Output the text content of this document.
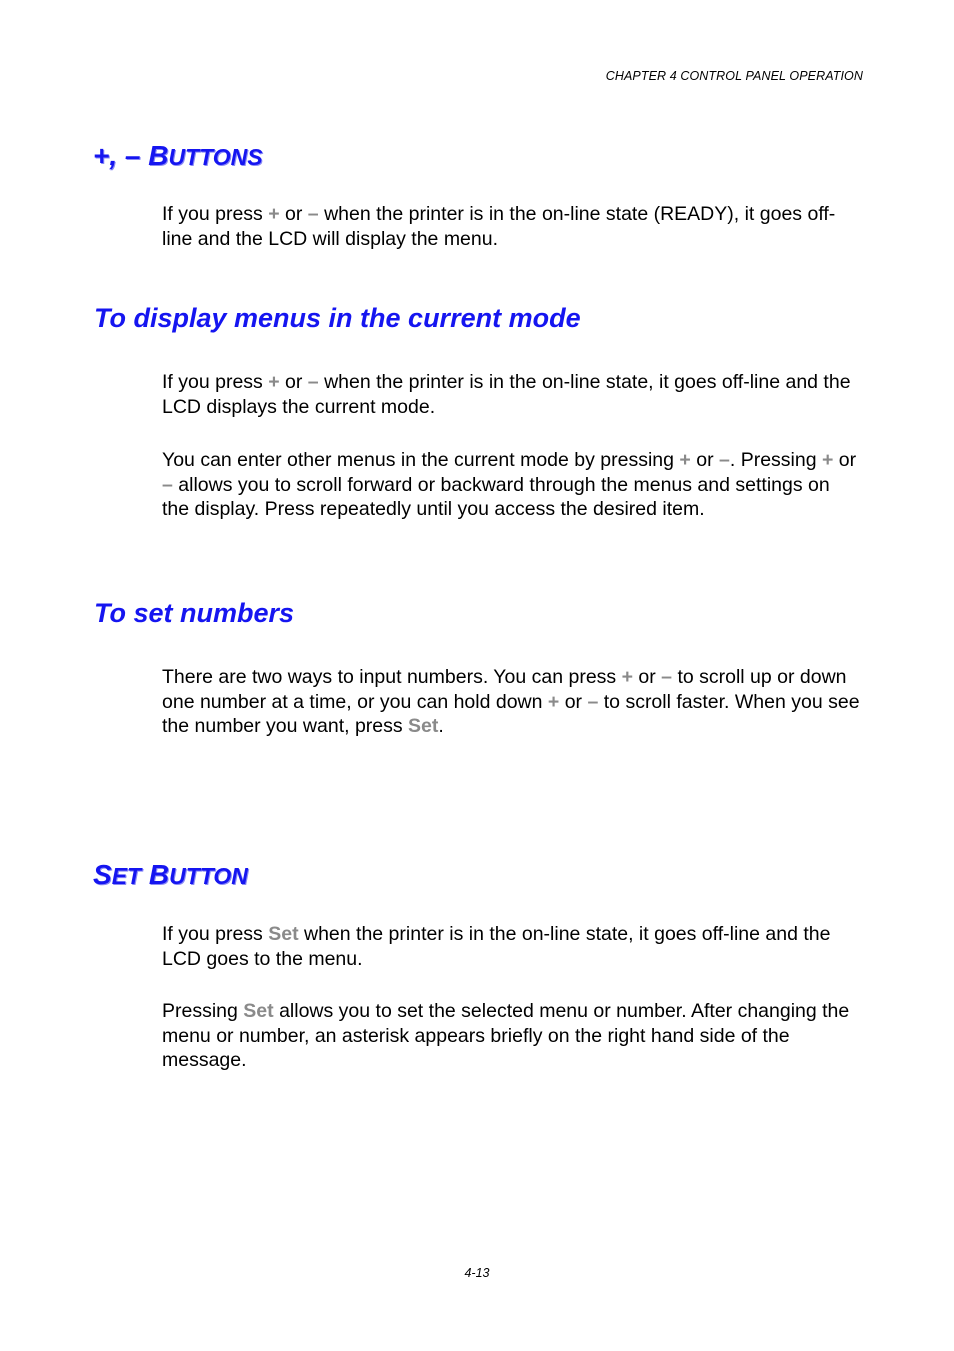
CHAPTER 4 CONTROL PANEL OPERATION
+, – BUTTONS

If you press + or – when the printer is in the on-line state (READY), it goes off-line and the LCD will display the menu.

To display menus in the current mode

If you press + or – when the printer is in the on-line state, it goes off-line and the LCD displays the current mode.

You can enter other menus in the current mode by pressing + or –. Pressing + or – allows you to scroll forward or backward through the menus and settings on the display. Press repeatedly until you access the desired item.

To set numbers

There are two ways to input numbers. You can press + or – to scroll up or down one number at a time, or you can hold down + or – to scroll faster. When you see the number you want, press Set.

SET BUTTON

If you press Set when the printer is in the on-line state, it goes off-line and the LCD goes to the menu.

Pressing Set allows you to set the selected menu or number. After changing the menu or number, an asterisk appears briefly on the right hand side of the message.

4-13
